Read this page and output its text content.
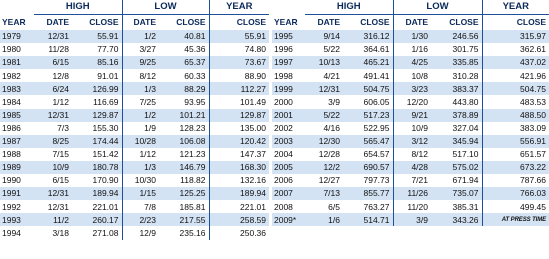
	HIGH		LOW		YEAR
YEAR	DATE	CLOSE	DATE	CLOSE	CLOSE
1979	12/31	55.91	1/2	40.81	55.91
1980	11/28	77.70	3/27	45.36	74.80
1981	6/15	85.16	9/25	65.37	73.67
1982	12/8	91.01	8/12	60.33	88.90
1983	6/24	126.99	1/3	88.29	112.27
1984	1/12	116.69	7/25	93.95	101.49
1985	12/31	129.87	1/2	101.21	129.87
1986	7/3	155.30	1/9	128.23	135.00
1987	8/25	174.44	10/28	106.08	120.42
1988	7/15	151.42	1/12	121.23	147.37
1989	10/9	180.78	1/3	146.79	168.30
1990	6/15	170.90	10/30	118.82	132.16
1991	12/31	189.94	1/15	125.25	189.94
1992	12/31	221.01	7/8	185.81	221.01
1993	11/2	260.17	2/23	217.55	258.59
1994	3/18	271.08	12/9	235.16	250.36
	HIGH		LOW		YEAR
YEAR	DATE	CLOSE	DATE	CLOSE	CLOSE
1995	9/14	316.12	1/30	246.56	315.97
1996	5/22	364.61	1/16	301.75	362.61
1997	10/13	465.21	4/25	335.85	437.02
1998	4/21	491.41	10/8	310.28	421.96
1999	12/31	504.75	3/23	383.37	504.75
2000	3/9	606.05	12/20	443.80	483.53
2001	5/22	517.23	9/21	378.89	488.50
2002	4/16	522.95	10/9	327.04	383.09
2003	12/30	565.47	3/12	345.94	556.91
2004	12/28	654.57	8/12	517.10	651.57
2005	12/2	690.57	4/28	575.02	673.22
2006	12/27	797.73	7/21	671.94	787.66
2007	7/13	855.77	11/26	735.07	766.03
2008	6/5	763.27	11/20	385.31	499.45
2009*	1/6	514.71	3/9	343.26	AT PRESS TIME
